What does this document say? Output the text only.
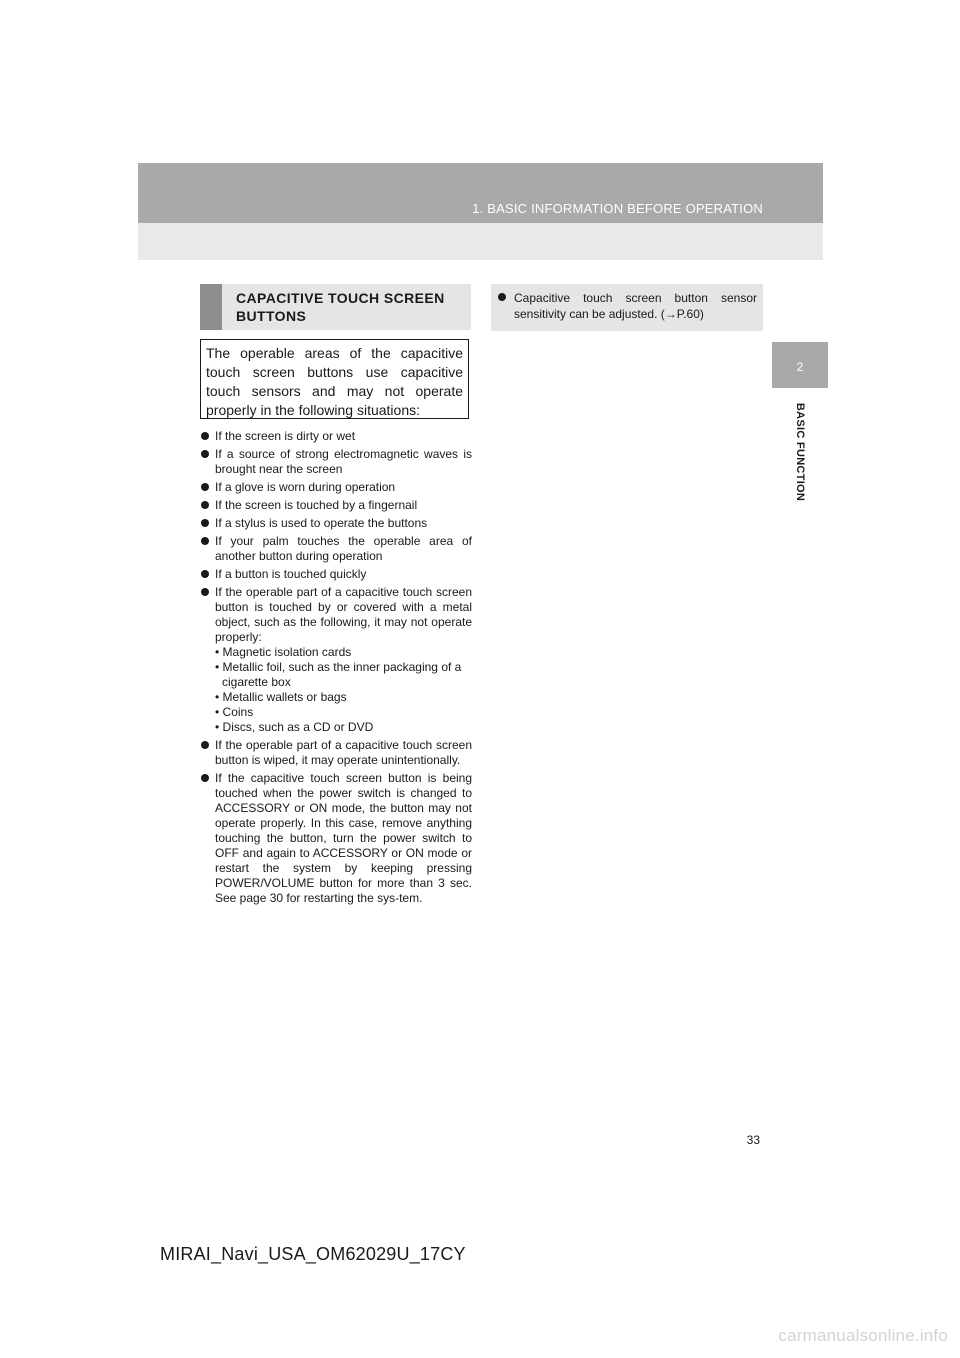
1. BASIC INFORMATION BEFORE OPERATION
2
BASIC FUNCTION
CAPACITIVE TOUCH SCREEN BUTTONS
The operable areas of the capacitive touch screen buttons use capacitive touch sensors and may not operate properly in the following situations:
If the screen is dirty or wet
If a source of strong electromagnetic waves is brought near the screen
If a glove is worn during operation
If the screen is touched by a fingernail
If a stylus is used to operate the buttons
If your palm touches the operable area of another button during operation
If a button is touched quickly
If the operable part of a capacitive touch screen button is touched by or covered with a metal object, such as the following, it may not operate properly:
• Magnetic isolation cards
• Metallic foil, such as the inner packaging of a cigarette box
• Metallic wallets or bags
• Coins
• Discs, such as a CD or DVD
If the operable part of a capacitive touch screen button is wiped, it may operate unintentionally.
If the capacitive touch screen button is being touched when the power switch is changed to ACCESSORY or ON mode, the button may not operate properly. In this case, remove anything touching the button, turn the power switch to OFF and again to ACCESSORY or ON mode or restart the system by keeping pressing POWER/VOLUME button for more than 3 sec. See page 30 for restarting the sys-tem.
Capacitive touch screen button sensor sensitivity can be adjusted. (→P.60)
33
MIRAI_Navi_USA_OM62029U_17CY
carmanualsonline.info
